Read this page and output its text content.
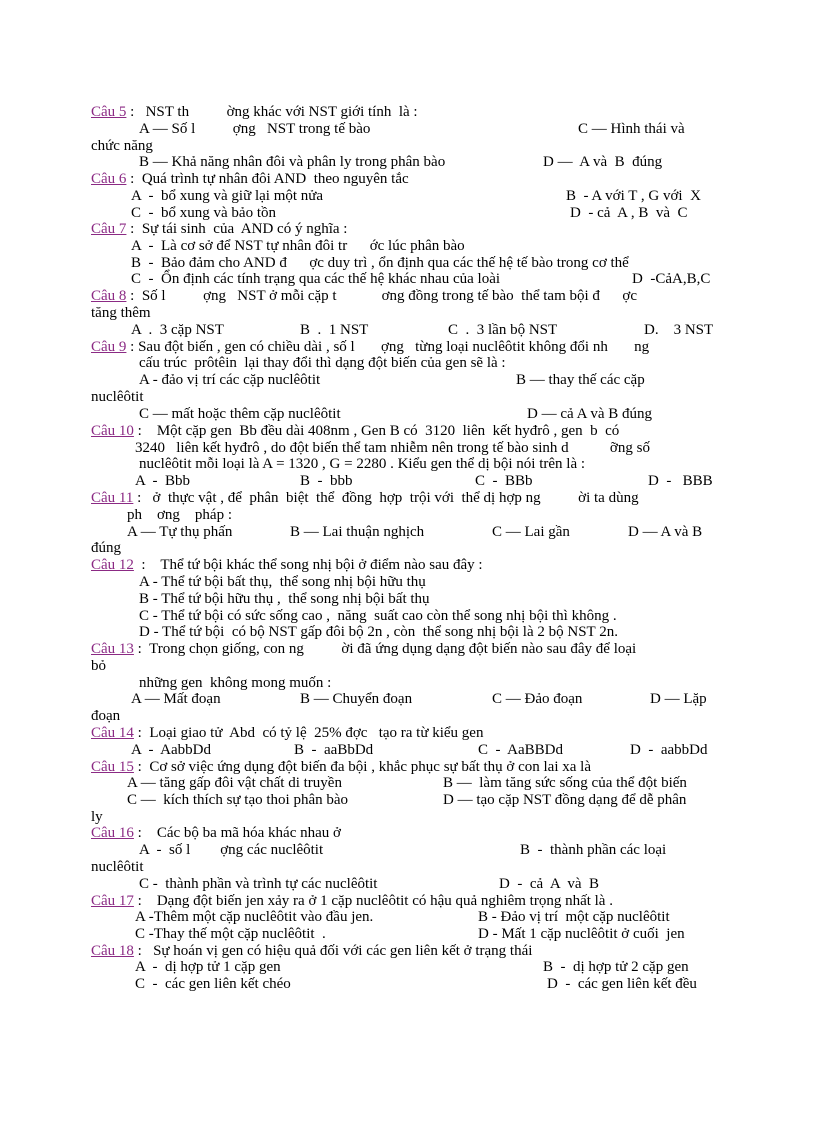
Câu 5 :   NST th          ờng khác với NST giới tính  là :
A — Số l          ợng   NST trong tế bào	C — Hình thái và
chức năng
B — Khả năng nhân đôi và phân ly trong phân bào	D —  A và  B  đúng
Câu 6 :  Quá trình tự nhân đôi AND  theo nguyên tắc
A  -  bổ xung và giữ lại một nửa	B  - A với T , G với  X
C  -  bổ xung và bảo tồn	D  - cả  A , B  và  C
Câu 7 :  Sự tái sinh  của  AND có ý nghĩa :
A  -  Là cơ sở để NST tự nhân đôi tr      ớc lúc phân bào
B  -  Bảo đảm cho AND đ      ợc duy trì , ổn định qua các thế hệ tế bào trong cơ thể
C  -  Ổn định các tính trạng qua các thế hệ khác nhau của loài	D  -CảA,B,C
Câu 8 :  Số l          ợng   NST ở mỗi cặp t            ơng đồng trong tế bào  thể tam bội đ      ợc
tăng thêm
A  .  3 cặp NST	B  .  1 NST	C  .  3 lần bộ NST	D.    3 NST
Câu 9 : Sau đột biến , gen có chiều dài , số l       ợng   từng loại nuclêôtit không đổi nh       ng
cấu trúc  prôtêin  lại thay đổi thì dạng đột biến của gen sẽ là :
A - đảo vị trí các cặp nuclêôtit	B — thay thế các cặp
nuclêôtit
C — mất hoặc thêm cặp nuclêôtit	D — cả A và B đúng
Câu 10 :    Một cặp gen  Bb đều dài 408nm , Gen B có  3120  liên  kết hyđrô , gen  b  có
3240   liên kết hyđrô , do đột biến thể tam nhiễm nên trong tế bào sinh d           ỡng số
nuclêôtit mỗi loại là A = 1320 , G = 2280 . Kiểu gen thể dị bội nói trên là :
A  -  Bbb	B  -  bbb	C  -  BBb	D  -   BBB
Câu 11 :   ở  thực vật , để  phân  biệt  thể  đồng  hợp  trội với  thể dị hợp ng          ời ta dùng
ph    ơng    pháp :
A — Tự thụ phấn	B — Lai thuận nghịch	C — Lai gần	D — A và B
đúng
Câu 12  :    Thể tứ bội khác thể song nhị bội ở điểm nào sau đây :
A - Thể tứ bội bất thụ,  thể song nhị bội hữu thụ
B - Thể tứ bội hữu thụ ,  thể song nhị bội bất thụ
C - Thể tứ bội có sức sống cao ,  năng  suất cao còn thể song nhị bội thì không .
D - Thể tứ bội  có bộ NST gấp đôi bộ 2n , còn  thể song nhị bội là 2 bộ NST 2n.
Câu 13 :  Trong chọn giống, con ng          ời đã ứng dụng dạng đột biến nào sau đây để loại
bỏ
những gen  không mong muốn :
A — Mất đoạn	B — Chuyển đoạn	C — Đảo đoạn	D — Lặp
đoạn
Câu 14 :  Loại giao tử  Abd  có tỷ lệ  25% đợc   tạo ra từ kiểu gen
A  -  AabbDd	B  -  aaBbDd	C  -  AaBBDd	D  -  aabbDd
Câu 15 :  Cơ sở việc ứng dụng đột biến đa bội , khắc phục sự bất thụ ở con lai xa là
A — tăng gấp đôi vật chất di truyền	B —  làm tăng sức sống của thể đột biến
C —  kích thích sự tạo thoi phân bào	D — tạo cặp NST đồng dạng để dễ phân
ly
Câu 16 :    Các bộ ba mã hóa khác nhau ở
A  -  số l        ợng các nuclêôtit	B  -  thành phần các loại
nuclêôtit
C -  thành phần và trình tự các nuclêôtit	D  -  cả  A  và  B
Câu 17 :    Dạng đột biến jen xảy ra ở 1 cặp nuclêôtit có hậu quả nghiêm trọng nhất là .
A -Thêm một cặp nuclêôtit vào đầu jen.	B - Đảo vị trí  một cặp nuclêôtit
C -Thay thế một cặp nuclêôtit  .	D - Mất 1 cặp nuclêôtit ở cuối  jen
Câu 18 :   Sự hoán vị gen có hiệu quả đối với các gen liên kết ở trạng thái
A  -  dị hợp tử 1 cặp gen	B  -  dị hợp tử 2 cặp gen
C  -  các gen liên kết chéo	D  -  các gen liên kết đều
